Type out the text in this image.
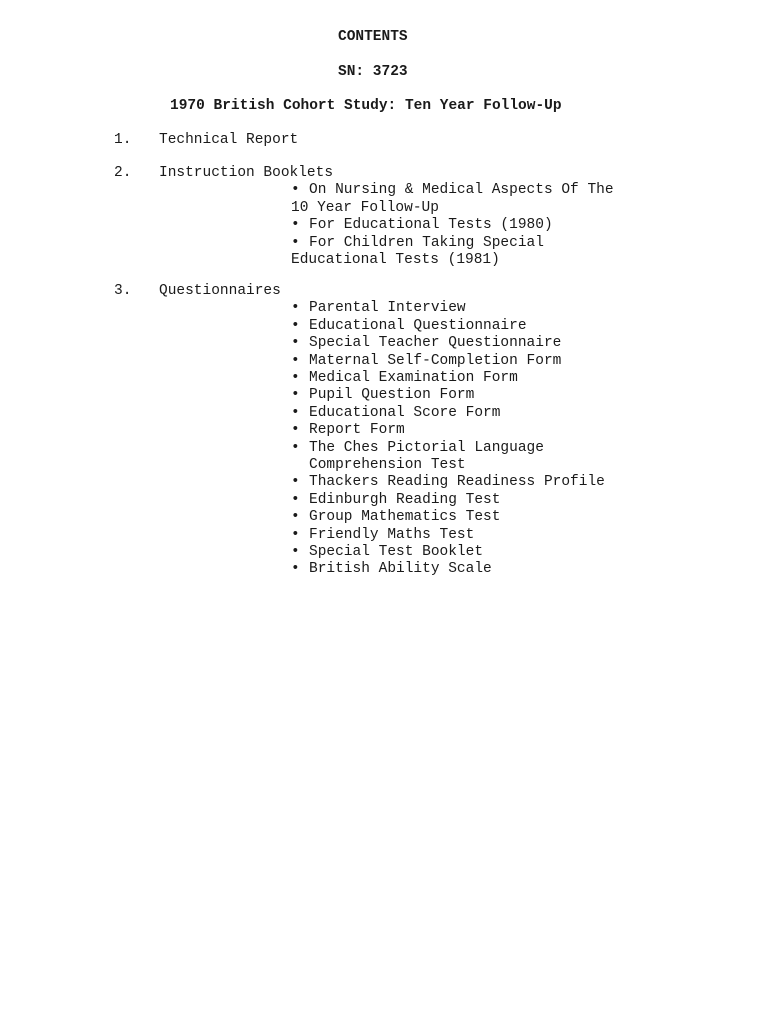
CONTENTS
SN: 3723
1970 British Cohort Study: Ten Year Follow-Up
1. Technical Report
2. Instruction Booklets
• On Nursing & Medical Aspects Of The
10 Year Follow-Up
• For Educational Tests (1980)
• For Children Taking Special
Educational Tests (1981)
3. Questionnaires
• Parental Interview
• Educational Questionnaire
• Special Teacher Questionnaire
• Maternal Self-Completion Form
• Medical Examination Form
• Pupil Question Form
• Educational Score Form
• Report Form
• The Ches Pictorial Language
Comprehension Test
• Thackers Reading Readiness Profile
• Edinburgh Reading Test
• Group Mathematics Test
• Friendly Maths Test
• Special Test Booklet
• British Ability Scale
